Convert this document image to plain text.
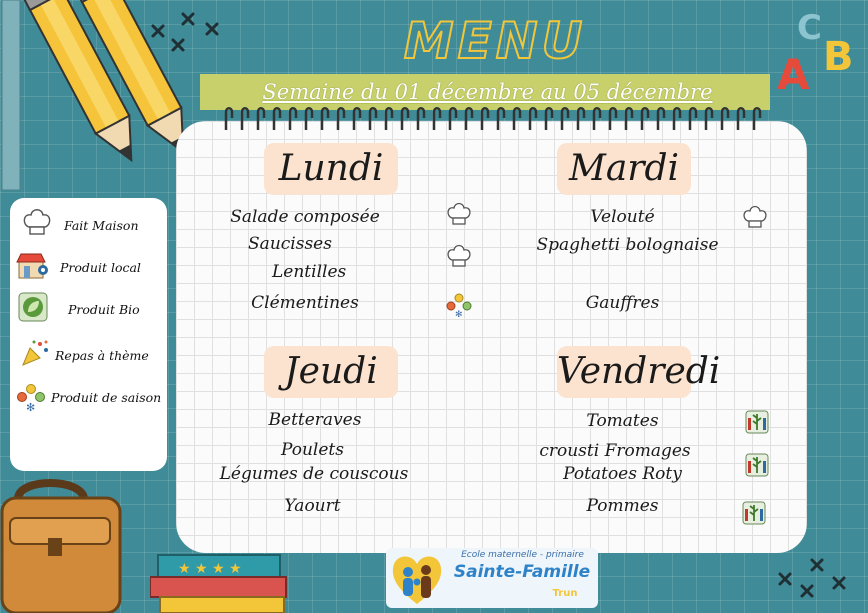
A B
C
MENU
Semaine du 01 décembre au 05 décembre
Lundi	Mardi
Jeudi	Vendredi
Salade composée
Saucisses
Lentilles
Clémentines
Velouté
Spaghetti bolognaise
Gauffres
Betteraves
Poulets
Légumes de couscous
Yaourt
Tomates
crousti Fromages
Potatoes Roty
Pommes
✻
Fait Maison
Produit local
Produit Bio
Repas à thème
✻
Produit de saison
★ ★ ★ ★
Ecole maternelle - primaire
Sainte-Famille
Trun
